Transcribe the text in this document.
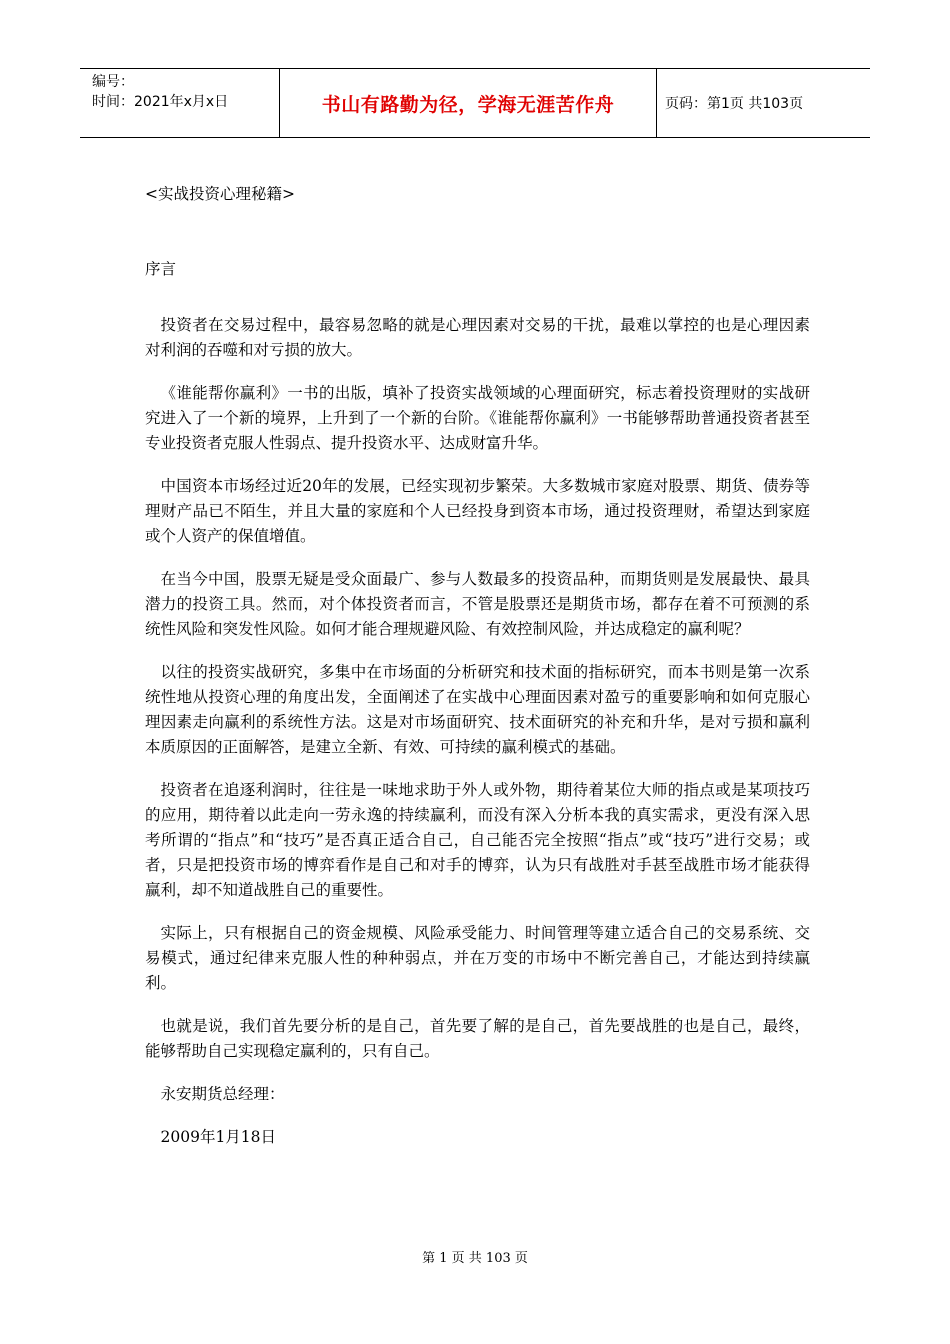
编号：
时间：2021年x月x日	书山有路勤为径，学海无涯苦作舟	页码：第1页 共103页

<实战投资心理秘籍>

序言

投资者在交易过程中，最容易忽略的就是心理因素对交易的干扰，最难以掌控的也是心理因素对利润的吞噬和对亏损的放大。

《谁能帮你赢利》一书的出版，填补了投资实战领域的心理面研究，标志着投资理财的实战研究进入了一个新的境界，上升到了一个新的台阶。《谁能帮你赢利》一书能够帮助普通投资者甚至专业投资者克服人性弱点、提升投资水平、达成财富升华。

中国资本市场经过近20年的发展，已经实现初步繁荣。大多数城市家庭对股票、期货、债券等理财产品已不陌生，并且大量的家庭和个人已经投身到资本市场，通过投资理财，希望达到家庭或个人资产的保值增值。

在当今中国，股票无疑是受众面最广、参与人数最多的投资品种，而期货则是发展最快、最具潜力的投资工具。然而，对个体投资者而言，不管是股票还是期货市场，都存在着不可预测的系统性风险和突发性风险。如何才能合理规避风险、有效控制风险，并达成稳定的赢利呢？

以往的投资实战研究，多集中在市场面的分析研究和技术面的指标研究，而本书则是第一次系统性地从投资心理的角度出发，全面阐述了在实战中心理面因素对盈亏的重要影响和如何克服心理因素走向赢利的系统性方法。这是对市场面研究、技术面研究的补充和升华，是对亏损和赢利本质原因的正面解答，是建立全新、有效、可持续的赢利模式的基础。

投资者在追逐利润时，往往是一味地求助于外人或外物，期待着某位大师的指点或是某项技巧的应用，期待着以此走向一劳永逸的持续赢利，而没有深入分析本我的真实需求，更没有深入思考所谓的“指点”和“技巧”是否真正适合自己，自己能否完全按照“指点”或“技巧”进行交易；或者，只是把投资市场的博弈看作是自己和对手的博弈，认为只有战胜对手甚至战胜市场才能获得赢利，却不知道战胜自己的重要性。

实际上，只有根据自己的资金规模、风险承受能力、时间管理等建立适合自己的交易系统、交易模式，通过纪律来克服人性的种种弱点，并在万变的市场中不断完善自己，才能达到持续赢利。

也就是说，我们首先要分析的是自己，首先要了解的是自己，首先要战胜的也是自己，最终，能够帮助自己实现稳定赢利的，只有自己。

永安期货总经理：

2009年1月18日

第 1 页 共 103 页
